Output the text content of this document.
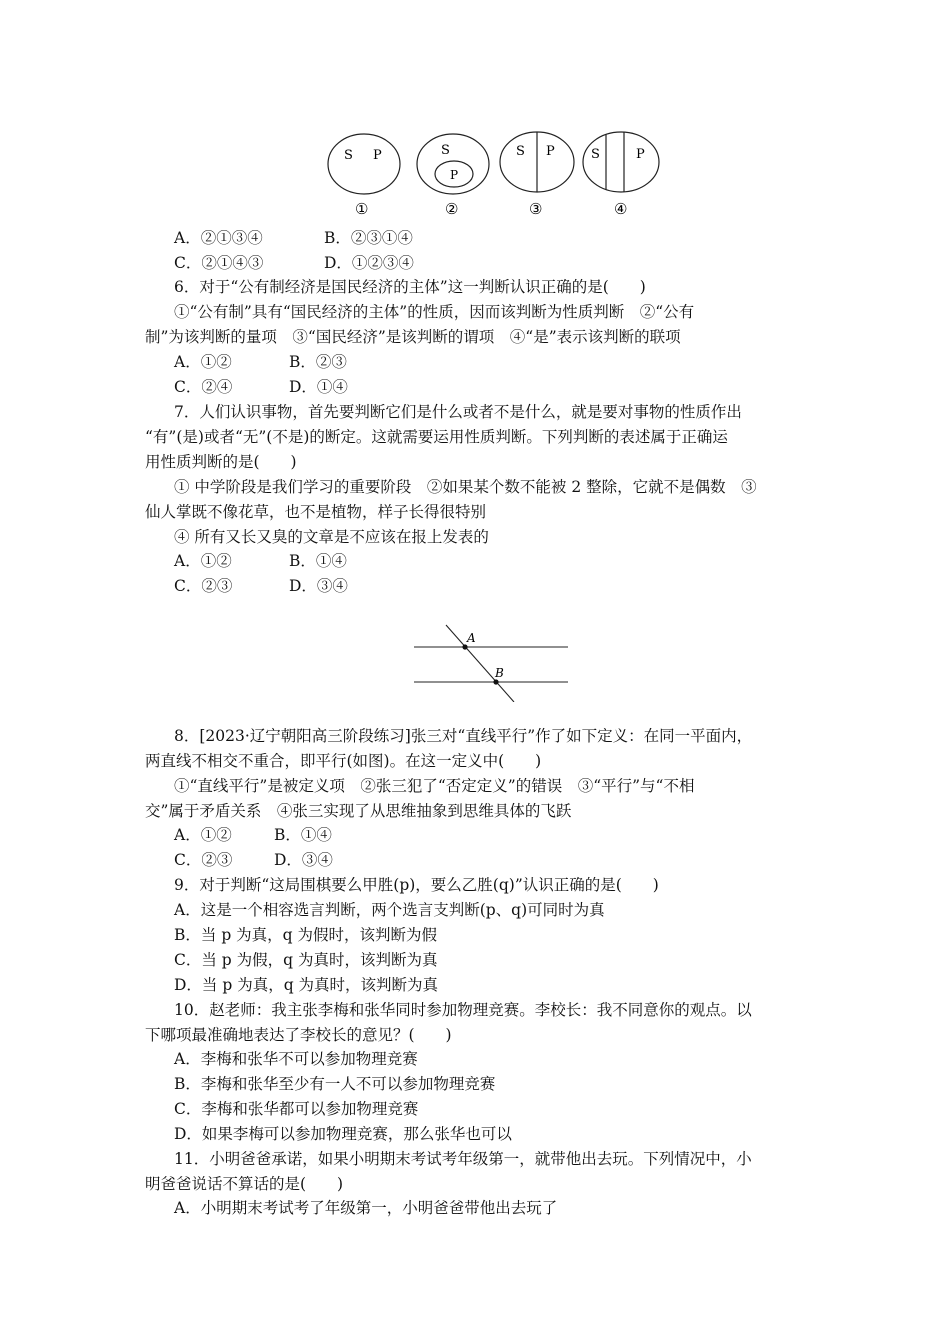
S P
①
S
P
②
S P
③
S	P
④
A．②①③④	B．②③①④
C．②①④③	D．①②③④
6．对于“公有制经济是国民经济的主体”这一判断认识正确的是(　　)
①“公有制”具有“国民经济的主体”的性质，因而该判断为性质判断　②“公有
制”为该判断的量项　③“国民经济”是该判断的谓项　④“是”表示该判断的联项
A．①②	B．②③
C．②④	D．①④
7．人们认识事物，首先要判断它们是什么或者不是什么，就是要对事物的性质作出
“有”(是)或者“无”(不是)的断定。这就需要运用性质判断。下列判断的表述属于正确运
用性质判断的是(　　)
① 中学阶段是我们学习的重要阶段　②如果某个数不能被 2 整除，它就不是偶数　③
仙人掌既不像花草，也不是植物，样子长得很特别
④ 所有又长又臭的文章是不应该在报上发表的
A．①②	B．①④
C．②③	D．③④
A
B
8．[2023·辽宁朝阳高三阶段练习]张三对“直线平行”作了如下定义：在同一平面内，
两直线不相交不重合，即平行(如图)。在这一定义中(　　)
①“直线平行”是被定义项　②张三犯了“否定定义”的错误　③“平行”与“不相
交”属于矛盾关系　④张三实现了从思维抽象到思维具体的飞跃
A．①②	B．①④
C．②③	D．③④
9．对于判断“这局围棋要么甲胜(p)，要么乙胜(q)”认识正确的是(　　)
A．这是一个相容选言判断，两个选言支判断(p、q)可同时为真
B．当 p 为真，q 为假时，该判断为假
C．当 p 为假，q 为真时，该判断为真
D．当 p 为真，q 为真时，该判断为真
10．赵老师：我主张李梅和张华同时参加物理竞赛。李校长：我不同意你的观点。以
下哪项最准确地表达了李校长的意见？(　　)
A．李梅和张华不可以参加物理竞赛
B．李梅和张华至少有一人不可以参加物理竞赛
C．李梅和张华都可以参加物理竞赛
D．如果李梅可以参加物理竞赛，那么张华也可以
11．小明爸爸承诺，如果小明期末考试考年级第一，就带他出去玩。下列情况中，小
明爸爸说话不算话的是(　　)
A．小明期末考试考了年级第一，小明爸爸带他出去玩了
